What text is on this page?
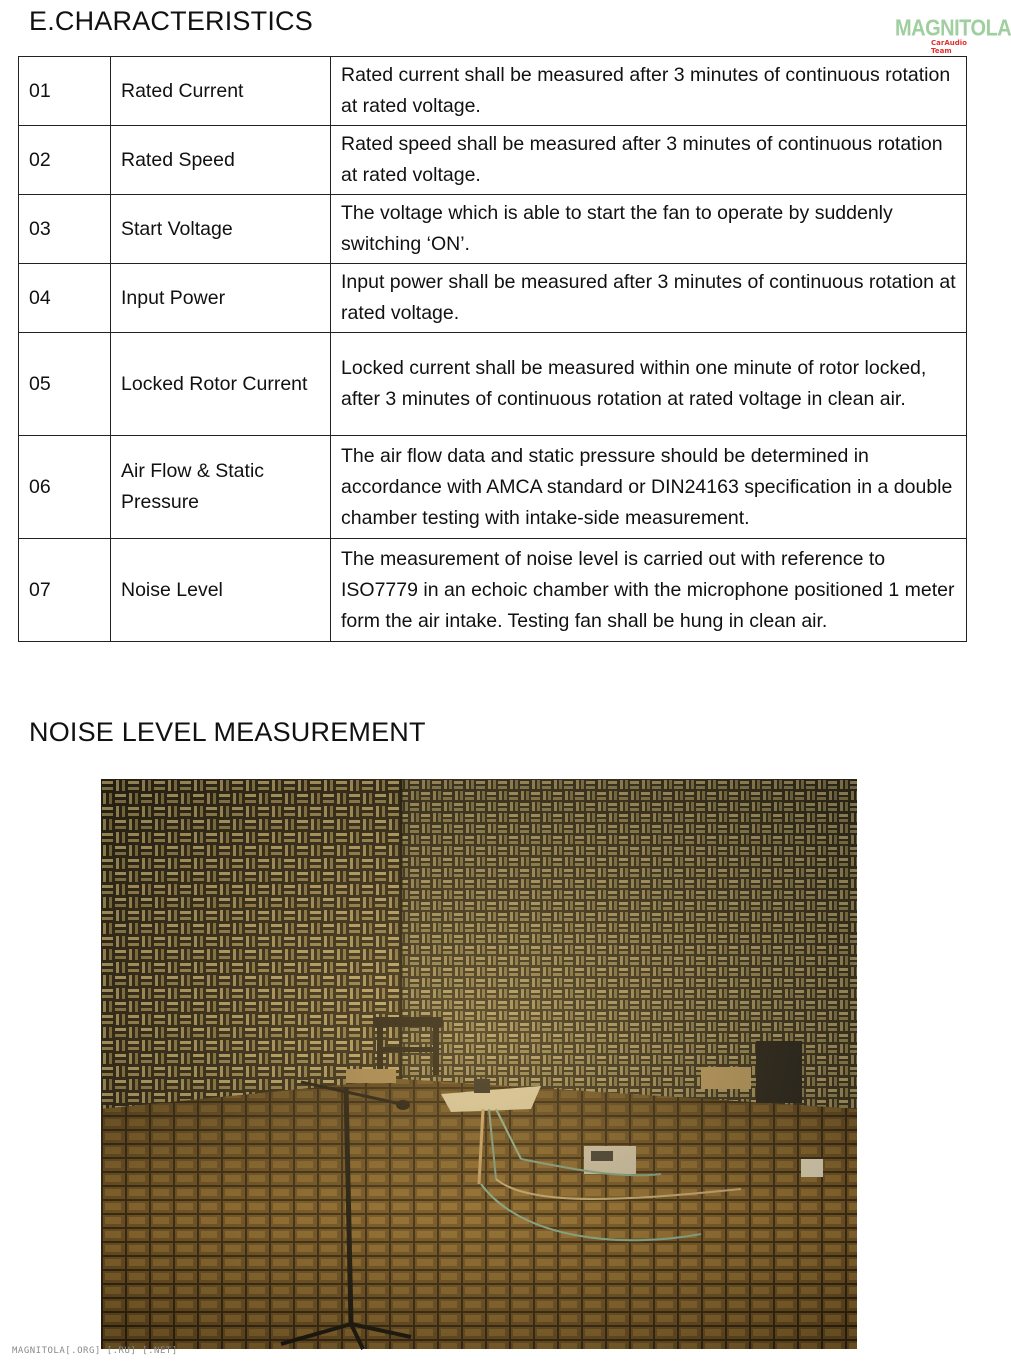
E.CHARACTERISTICS	MAGNITOLA
CarAudio Team
01	Rated Current	Rated current shall be measured after 3 minutes of continuous rotation at rated voltage.
02	Rated Speed	Rated speed shall be measured after 3 minutes of continuous rotation at rated voltage.
03	Start Voltage	The voltage which is able to start the fan to operate by suddenly switching ‘ON’.
04	Input Power	Input power shall be measured after 3 minutes of continuous rotation at rated voltage.
05	Locked Rotor Current	Locked current shall be measured within one minute of rotor locked, after 3 minutes of continuous rotation at rated voltage in clean air.
06	Air Flow & Static Pressure	The air flow data and static pressure should be determined in accordance with AMCA standard or DIN24163 specification in a double chamber testing with intake-side measurement.
07	Noise Level	The measurement of noise level is carried out with reference to ISO7779 in an echoic chamber with the microphone positioned 1 meter form the air intake. Testing fan shall be hung in clean air.
NOISE LEVEL MEASUREMENT
MAGNITOLA[.ORG] [.RU] [.NET]
